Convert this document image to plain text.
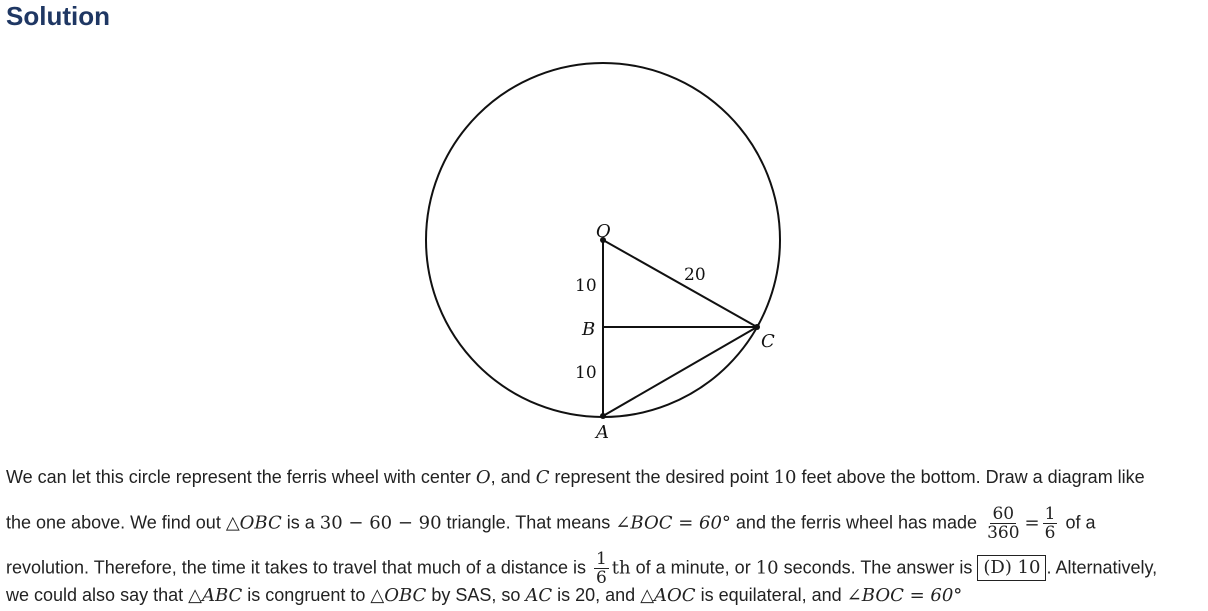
Solution
O
B
C
A
10
10
20
We can let this circle represent the ferris wheel with center O, and C represent the desired point 10 feet above the bottom. Draw a diagram like
the one above. We find out △OBC is a 30 − 60 − 90 triangle. That means ∠BOC = 60° and the ferris wheel has made $\frac{60}{360} = \frac{1}{6}$ of a
revolution. Therefore, the time it takes to travel that much of a distance is $\frac{1}{6}$ th of a minute, or 10 seconds. The answer is (D) 10 . Alternatively,
we could also say that △ABC is congruent to △OBC by SAS, so AC is 20, and △AOC is equilateral, and ∠BOC = 60°
